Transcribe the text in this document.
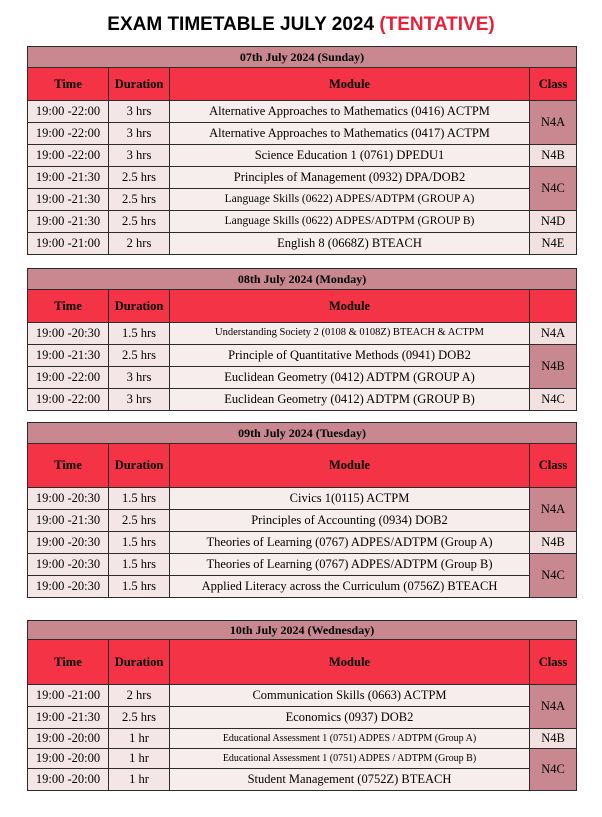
EXAM TIMETABLE JULY 2024 (TENTATIVE)
07th July 2024 (Sunday)			
Time	Duration	Module	Class
19:00 -22:00	3 hrs	Alternative Approaches to Mathematics (0416) ACTPM	N4A
19:00 -22:00	3 hrs	Alternative Approaches to Mathematics (0417) ACTPM	
19:00 -22:00	3 hrs	Science Education 1 (0761) DPEDU1	N4B
19:00 -21:30	2.5 hrs	Principles of Management (0932) DPA/DOB2	N4C
19:00 -21:30	2.5 hrs	Language Skills (0622) ADPES/ADTPM (GROUP A)	
19:00 -21:30	2.5 hrs	Language Skills (0622) ADPES/ADTPM (GROUP B)	N4D
19:00 -21:00	2 hrs	English 8 (0668Z) BTEACH	N4E
08th July 2024 (Monday)			
Time	Duration	Module	
19:00 -20:30	1.5 hrs	Understanding Society 2 (0108 & 0108Z) BTEACH & ACTPM	N4A
19:00 -21:30	2.5 hrs	Principle of Quantitative Methods (0941) DOB2	N4B
19:00 -22:00	3 hrs	Euclidean Geometry (0412) ADTPM (GROUP A)	
19:00 -22:00	3 hrs	Euclidean Geometry (0412) ADTPM (GROUP B)	N4C
09th July 2024 (Tuesday)			
Time	Duration	Module	Class
19:00 -20:30	1.5 hrs	Civics 1(0115) ACTPM	N4A
19:00 -21:30	2.5 hrs	Principles of Accounting (0934) DOB2	
19:00 -20:30	1.5 hrs	Theories of Learning (0767) ADPES/ADTPM (Group A)	N4B
19:00 -20:30	1.5 hrs	Theories of Learning (0767) ADPES/ADTPM (Group B)	N4C
19:00 -20:30	1.5 hrs	Applied Literacy across the Curriculum (0756Z) BTEACH	
10th July 2024 (Wednesday)			
Time	Duration	Module	Class
19:00 -21:00	2 hrs	Communication Skills (0663) ACTPM	N4A
19:00 -21:30	2.5 hrs	Economics (0937) DOB2	
19:00 -20:00	1 hr	Educational Assessment 1 (0751) ADPES / ADTPM (Group A)	N4B
19:00 -20:00	1 hr	Educational Assessment 1 (0751) ADPES / ADTPM (Group B)	N4C
19:00 -20:00	1 hr	Student Management (0752Z) BTEACH	
